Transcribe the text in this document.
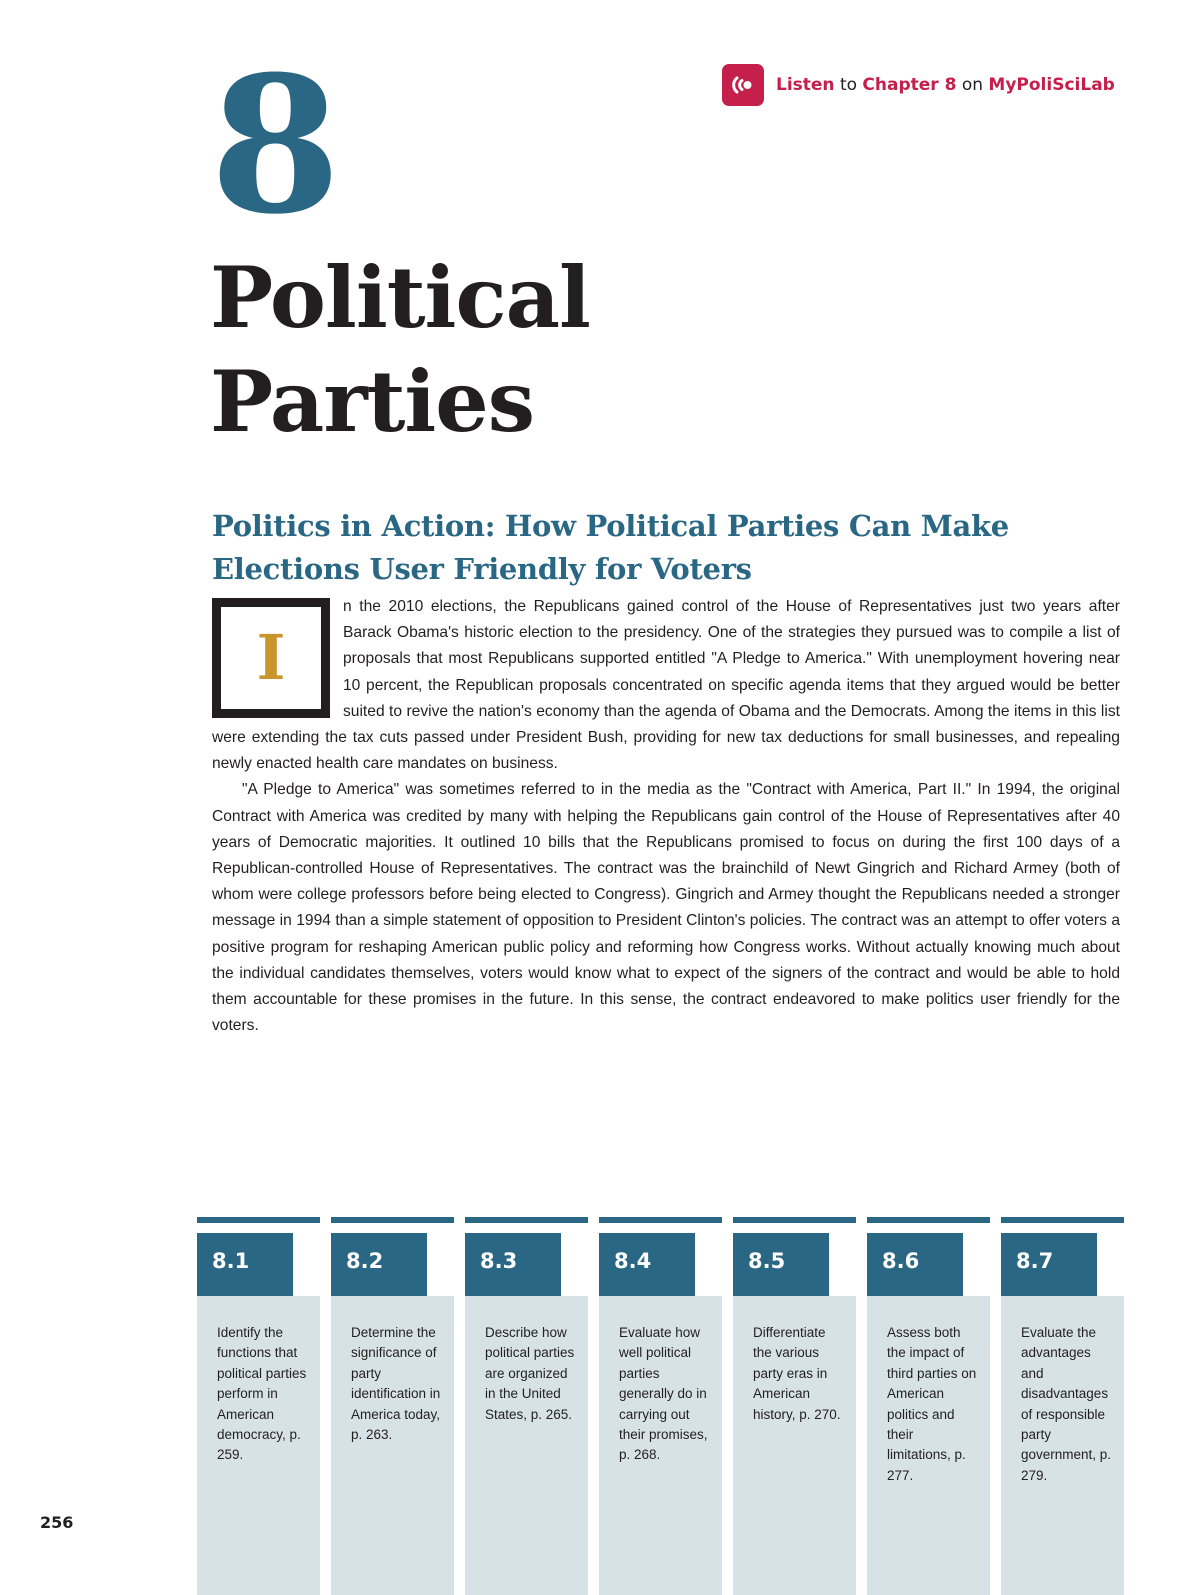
Listen to Chapter 8 on MyPoliSciLab
8
Political
Parties
Politics in Action: How Political Parties Can Make
Elections User Friendly for Voters

I
n the 2010 elections, the Republicans gained control of the House of Representatives just two years after Barack Obama's historic election to the presidency. One of the strategies they pursued was to compile a list of proposals that most Republicans supported entitled "A Pledge to America." With unemployment hovering near 10 percent, the Republican proposals concentrated on specific agenda items that they argued would be better suited to revive the nation's economy than the agenda of Obama and the Democrats. Among the items in this list were extending the tax cuts passed under President Bush, providing for new tax deductions for small businesses, and repealing newly enacted health care mandates on business.

"A Pledge to America" was sometimes referred to in the media as the "Contract with America, Part II." In 1994, the original Contract with America was credited by many with helping the Republicans gain control of the House of Representatives after 40 years of Democratic majorities. It outlined 10 bills that the Republicans promised to focus on during the first 100 days of a Republican-controlled House of Representatives. The contract was the brainchild of Newt Gingrich and Richard Armey (both of whom were college professors before being elected to Congress). Gingrich and Armey thought the Republicans needed a stronger message in 1994 than a simple statement of opposition to President Clinton's policies. The contract was an attempt to offer voters a positive program for reshaping American public policy and reforming how Congress works. Without actually knowing much about the individual candidates themselves, voters would know what to expect of the signers of the contract and would be able to hold them accountable for these promises in the future. In this sense, the contract endeavored to make politics user friendly for the voters.

8.1
Identify the functions that political parties perform in American democracy, p. 259.
8.2
Determine the significance of party identification in America today, p. 263.
8.3
Describe how political parties are organized in the United States, p. 265.
8.4
Evaluate how well political parties generally do in carrying out their promises, p. 268.
8.5
Differentiate the various party eras in American history, p. 270.
8.6
Assess both the impact of third parties on American politics and their limitations, p. 277.
8.7
Evaluate the advantages and disadvantages of responsible party government, p. 279.
256
